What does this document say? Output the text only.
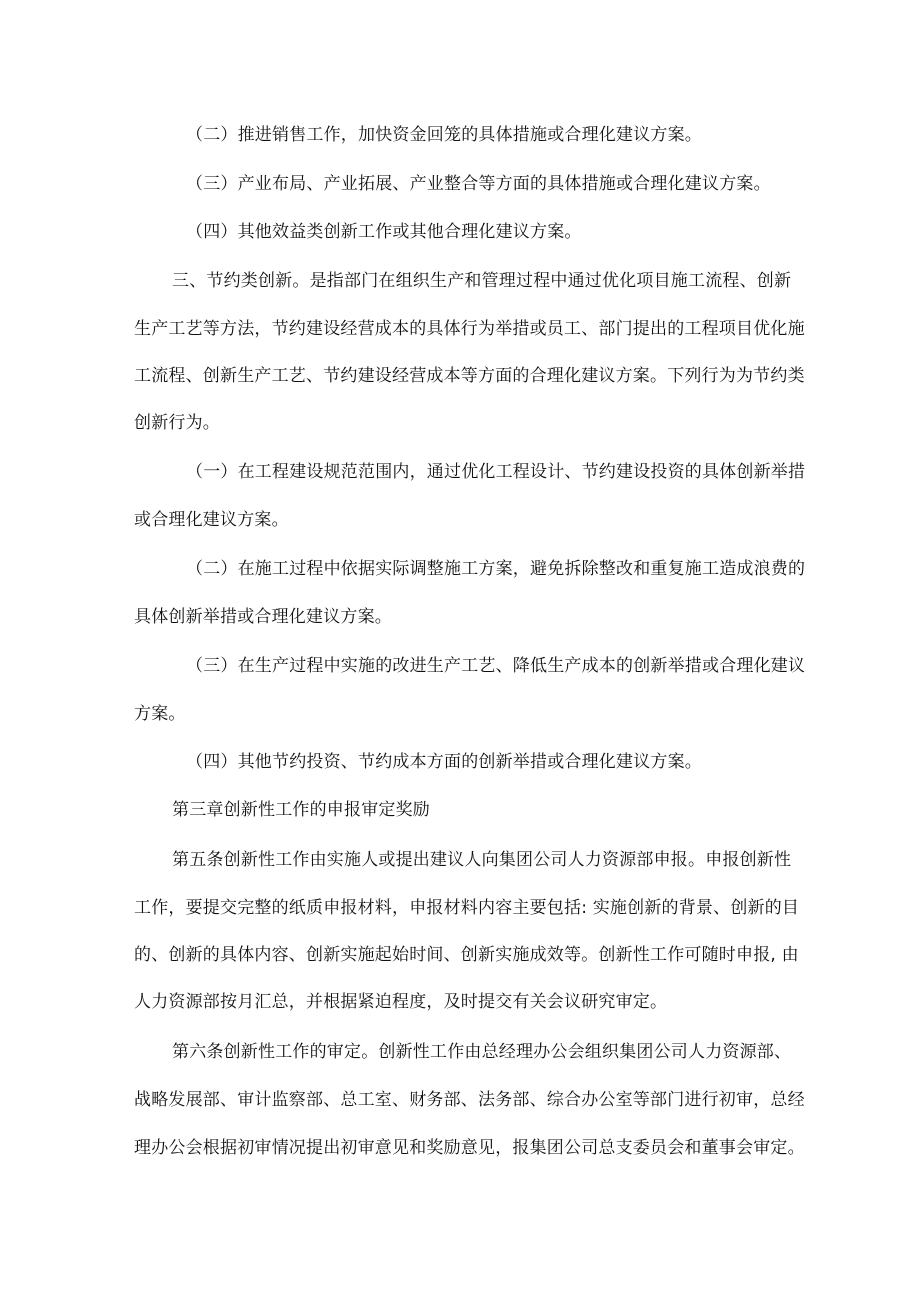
（二）推进销售工作，加快资金回笼的具体措施或合理化建议方案。
（三）产业布局、产业拓展、产业整合等方面的具体措施或合理化建议方案。
（四）其他效益类创新工作或其他合理化建议方案。
三、节约类创新。是指部门在组织生产和管理过程中通过优化项目施工流程、创新
生产工艺等方法，节约建设经营成本的具体行为举措或员工、部门提出的工程项目优化施
工流程、创新生产工艺、节约建设经营成本等方面的合理化建议方案。下列行为为节约类
创新行为。
（一）在工程建设规范范围内，通过优化工程设计、节约建设投资的具体创新举措
或合理化建议方案。
（二）在施工过程中依据实际调整施工方案，避免拆除整改和重复施工造成浪费的
具体创新举措或合理化建议方案。
（三）在生产过程中实施的改进生产工艺、降低生产成本的创新举措或合理化建议
方案。
（四）其他节约投资、节约成本方面的创新举措或合理化建议方案。
第三章创新性工作的申报审定奖励
第五条创新性工作由实施人或提出建议人向集团公司人力资源部申报。申报创新性
工作，要提交完整的纸质申报材料，申报材料内容主要包括: 实施创新的背景、创新的目
的、创新的具体内容、创新实施起始时间、创新实施成效等。创新性工作可随时申报, 由
人力资源部按月汇总，并根据紧迫程度，及时提交有关会议研究审定。
第六条创新性工作的审定。创新性工作由总经理办公会组织集团公司人力资源部、
战略发展部、审计监察部、总工室、财务部、法务部、综合办公室等部门进行初审，总经
理办公会根据初审情况提出初审意见和奖励意见，报集团公司总支委员会和董事会审定。
